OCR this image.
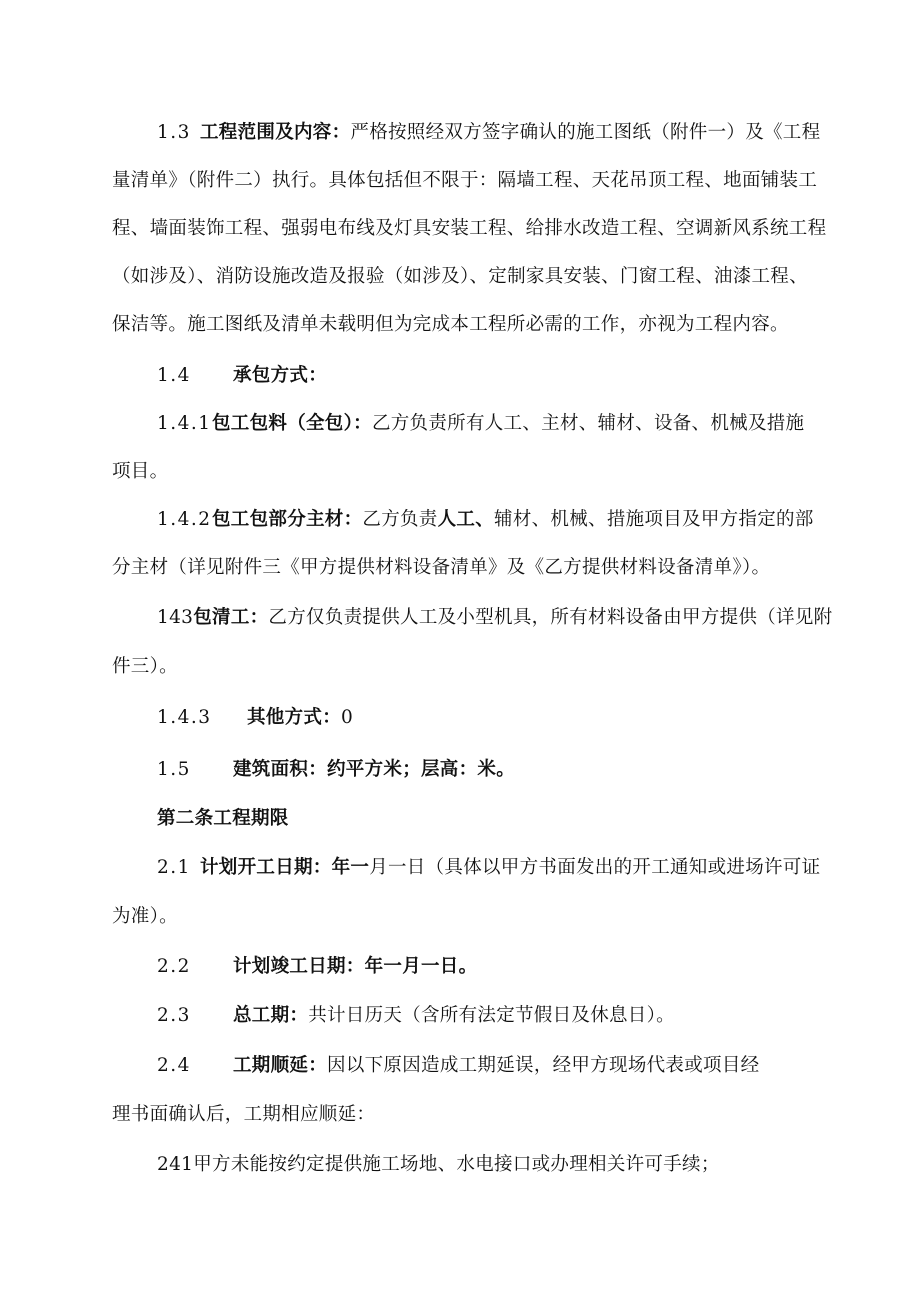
1.3 工程范围及内容：严格按照经双方签字确认的施工图纸（附件一）及《工程
量清单》（附件二）执行。具体包括但不限于：隔墙工程、天花吊顶工程、地面铺装工
程、墙面装饰工程、强弱电布线及灯具安装工程、给排水改造工程、空调新风系统工程
（如涉及）、消防设施改造及报验（如涉及）、定制家具安装、门窗工程、油漆工程、
保洁等。施工图纸及清单未载明但为完成本工程所必需的工作，亦视为工程内容。
1.4 承包方式：
1.4.1 包工包料（全包）：乙方负责所有人工、主材、辅材、设备、机械及措施
项目。
1.4.2 包工包部分主材：乙方负责人工、辅材、机械、措施项目及甲方指定的部
分主材（详见附件三《甲方提供材料设备清单》及《乙方提供材料设备清单》）。
143包清工：乙方仅负责提供人工及小型机具，所有材料设备由甲方提供（详见附
件三）。
1.4.3 其他方式：0
1.5 建筑面积：约平方米；层高：米。
第二条工程期限
2.1 计划开工日期：年一月一日（具体以甲方书面发出的开工通知或进场许可证
为准）。
2.2 计划竣工日期：年一月一日。
2.3 总工期：共计日历天（含所有法定节假日及休息日）。
2.4 工期顺延：因以下原因造成工期延误，经甲方现场代表或项目经
理书面确认后，工期相应顺延：
241甲方未能按约定提供施工场地、水电接口或办理相关许可手续；
